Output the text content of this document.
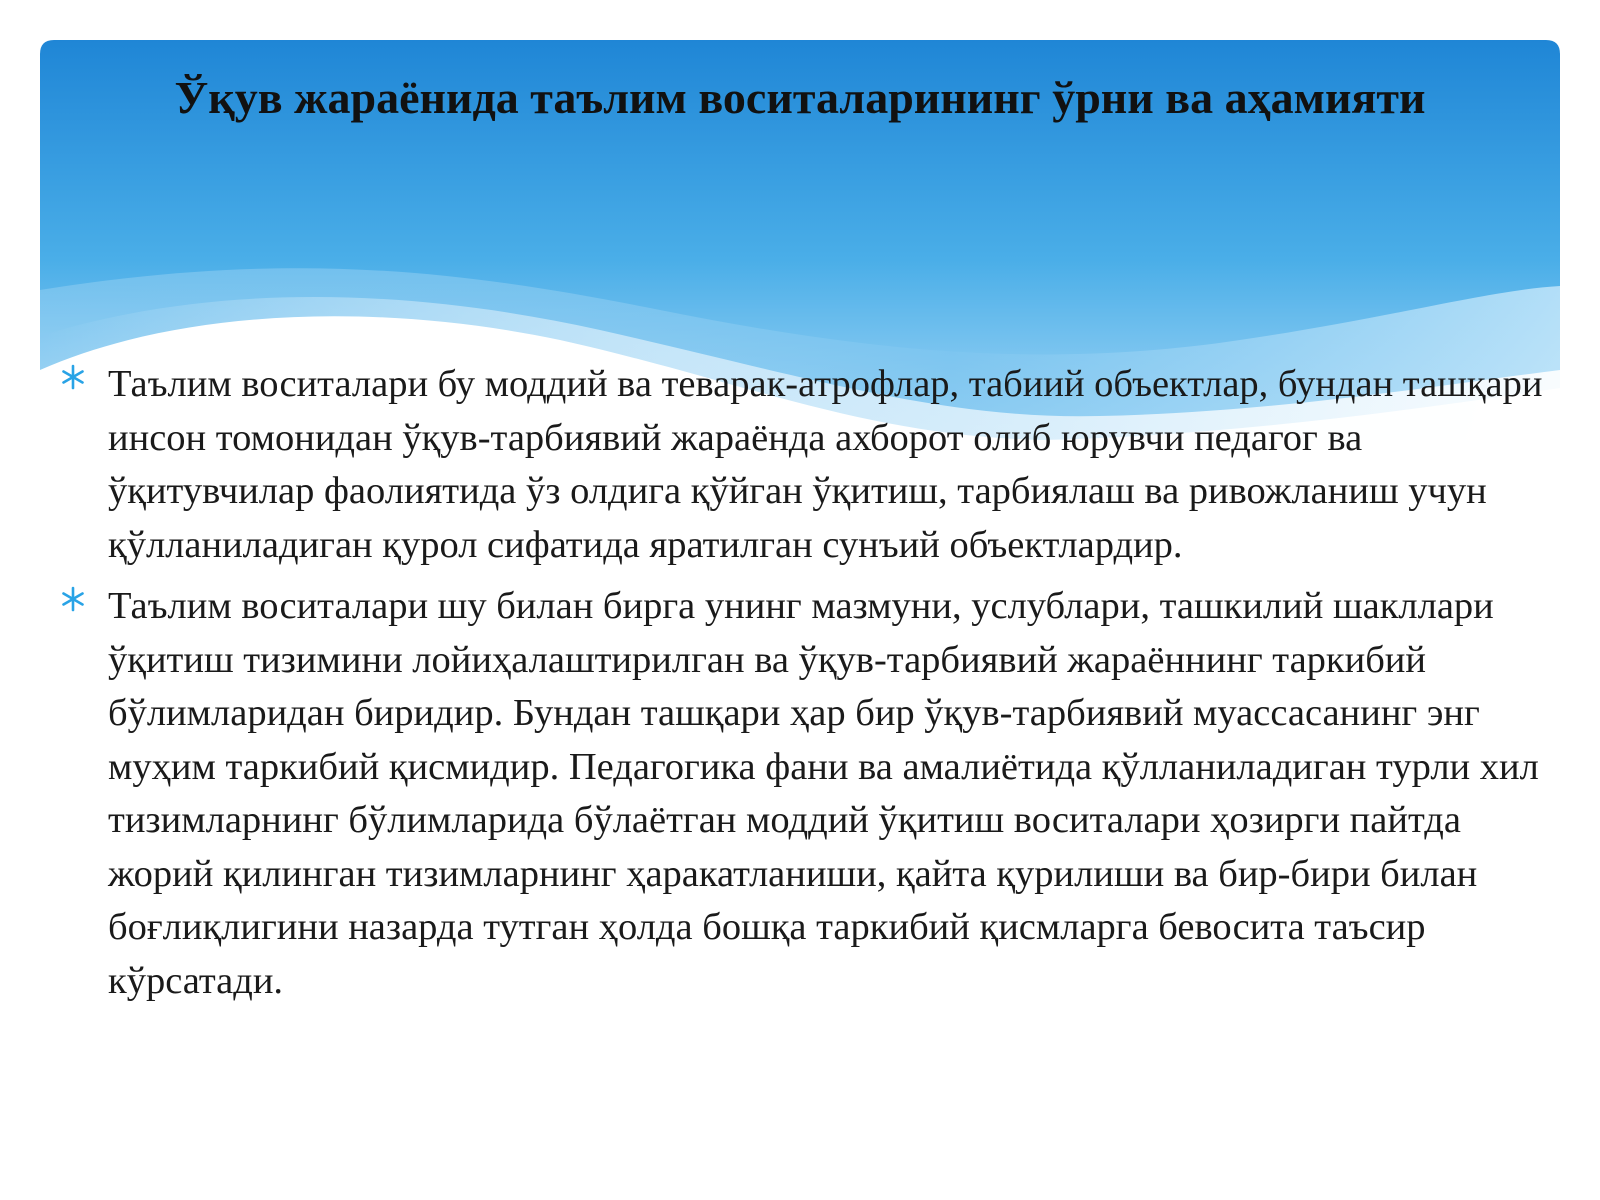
Ўқув жараёнида таълим воситаларининг ўрни ва аҳамияти
Таълим воситалари бу моддий ва теварак-атрофлар, табиий объектлар, бундан ташқари инсон томонидан ўқув-тарбиявий жараёнда ахборот олиб юрувчи педагог ва ўқитувчилар фаолиятида ўз олдига қўйган ўқитиш, тарбиялаш ва ривожланиш учун қўлланиладиган қурол сифатида яратилган сунъий объектлардир.
Таълим воситалари шу билан бирга унинг мазмуни, услублари, ташкилий шакллари ўқитиш тизимини лойиҳалаштирилган ва ўқув-тарбиявий жараённинг таркибий бўлимларидан биридир. Бундан ташқари ҳар бир ўқув-тарбиявий муассасанинг энг муҳим таркибий қисмидир. Педагогика фани ва амалиётида қўлланиладиган турли хил тизимларнинг бўлимларида бўлаётган моддий ўқитиш воситалари ҳозирги пайтда жорий қилинган тизимларнинг ҳаракатланиши, қайта қурилиши ва бир-бири билан боғлиқлигини назарда тутган ҳолда бошқа таркибий қисмларга бевосита таъсир кўрсатади.
